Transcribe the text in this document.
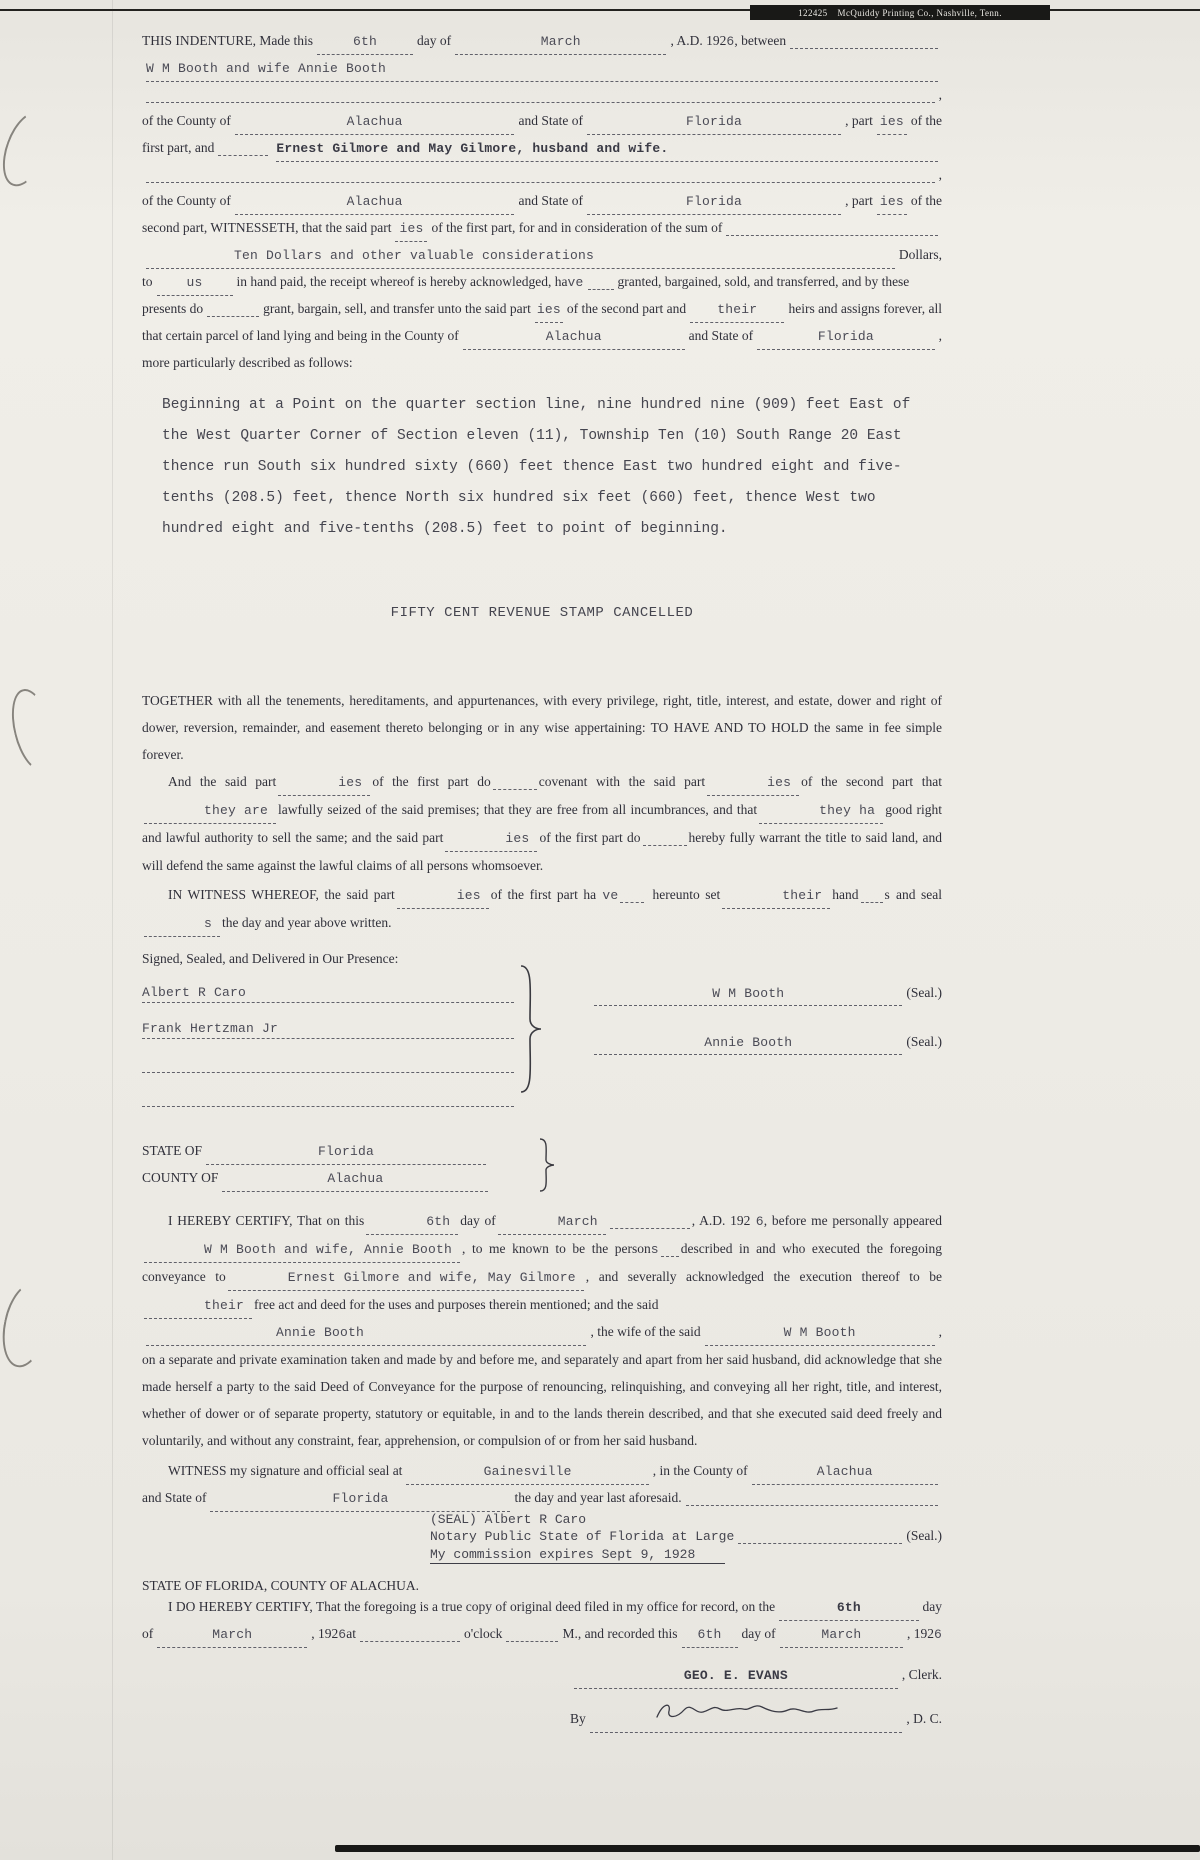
122425 McQuiddy Printing Co., Nashville, Tenn.
THIS INDENTURE, Made this	6th	day of	March	, A.D. 192 6 , between
W M Booth and wife Annie Booth
,
of the County of	Alachua	and State of	Florida	, part ies of the
first part, and	Ernest Gilmore and May Gilmore, husband and wife.
,
of the County of	Alachua	and State of	Florida	, part ies of the
second part, WITNESSETH, that the said part ies of the first part, for and in consideration of the sum of
Ten Dollars and other valuable considerations	Dollars,
to	us	in hand paid, the receipt whereof is hereby acknowledged, ha ve	granted, bargained, sold, and transferred, and by these
presents do	grant, bargain, sell, and transfer unto the said part ies of the second part and	their	heirs and assigns forever, all
that certain parcel of land lying and being in the County of	Alachua	and State of	Florida	,
more particularly described as follows:
Beginning at a Point on the quarter section line, nine hundred nine (909) feet East of
the West Quarter Corner of Section eleven (11), Township Ten (10) South Range 20 East
thence run South six hundred sixty (660) feet thence East two hundred eight and five-
tenths (208.5) feet, thence North six hundred six feet (660) feet, thence West two
hundred eight and five-tenths (208.5) feet to point of beginning.
FIFTY CENT REVENUE STAMP CANCELLED
TOGETHER with all the tenements, hereditaments, and appurtenances, with every privilege, right, title, interest, and estate, dower and right of dower, reversion, remainder, and easement thereto belonging or in any wise appertaining: TO HAVE AND TO HOLD the same in fee simple forever.
And the said part	ies of the first part do	covenant with the said part	ies of the second part thatthey are lawfully seized of the said premises; that they are free from all incumbrances, and that	they ha good right and lawful authority to sell the same; and the said part	ies of the first part do	hereby fully warrant the title to said land, and will defend the same against the lawful claims of all persons whomsoever.
IN WITNESS WHEREOF, the said part	ies of the first part ha ve	hereunto set	their hand s and seals the day and year above written.
Signed, Sealed, and Delivered in Our Presence:
Albert R Caro
Frank Hertzman Jr
W M Booth	(Seal.)
Annie Booth	(Seal.)
STATE OF	Florida
COUNTY OF	Alachua
I HEREBY CERTIFY, That on this	6th day of	March	, A.D. 192 6, before me personally appearedW M Booth and wife, Annie Booth , to me known to be the persons described in and who executed the foregoing conveyance to	Ernest Gilmore and wife, May Gilmore , and severally acknowledged the execution thereof to betheir free act and deed for the uses and purposes therein mentioned; and the said
Annie Booth	, the wife of the said	W M Booth	,
on a separate and private examination taken and made by and before me, and separately and apart from her said husband, did acknowledge that she made herself a party to the said Deed of Conveyance for the purpose of renouncing, relinquishing, and conveying all her right, title, and interest, whether of dower or of separate property, statutory or equitable, in and to the lands therein described, and that she executed said deed freely and voluntarily, and without any constraint, fear, apprehension, or compulsion of or from her said husband.
WITNESS my signature and official seal at	Gainesville	, in the County of	Alachua
and State of	Florida	the day and year last aforesaid.
(SEAL) Albert R Caro
Notary Public State of Florida at Large	(Seal.)
My commission expires Sept 9, 1928
STATE OF FLORIDA, COUNTY OF ALACHUA.
I DO HEREBY CERTIFY, That the foregoing is a true copy of original deed filed in my office for record, on the	6th	day
of	March	, 192 6 at	o'clock	M., and recorded this	6th	day of	March	, 192 6
GEO. E. EVANS	, Clerk.
By	, D. C.
